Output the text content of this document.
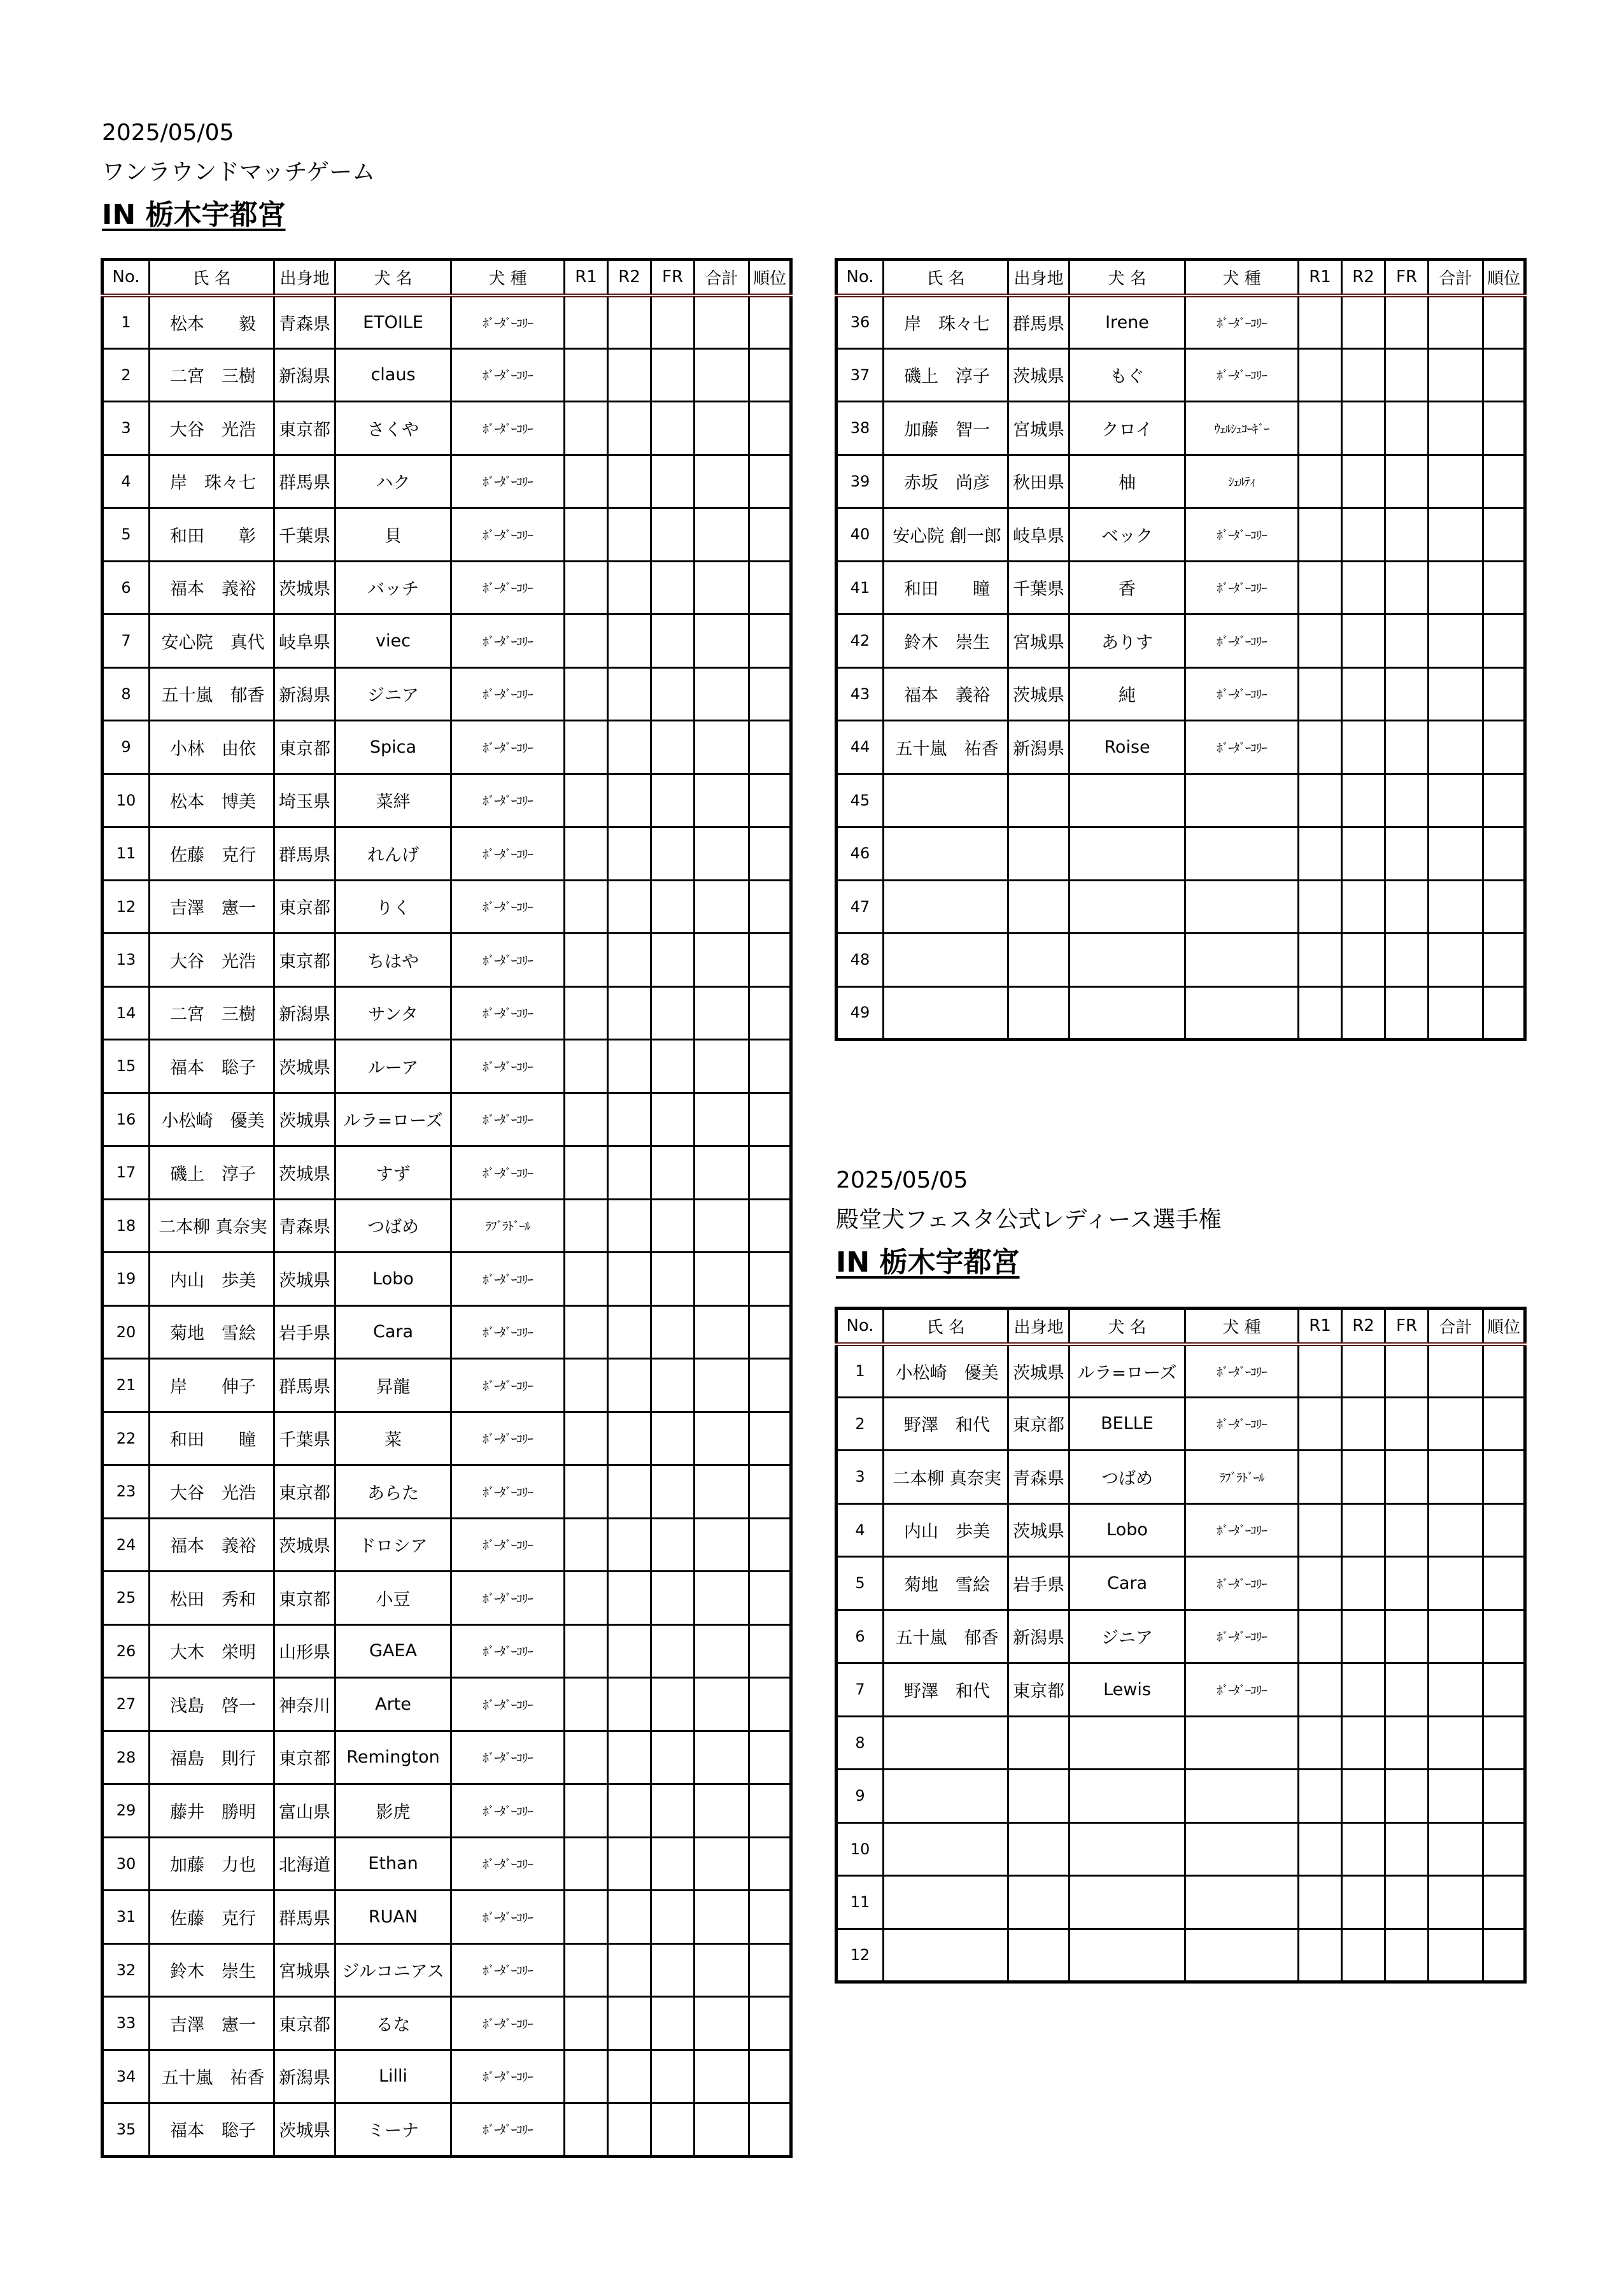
2025/05/05
ワンラウンドマッチゲーム
IN 栃木宇都宮
2025/05/05
殿堂犬フェスタ公式レディース選手権
IN 栃木宇都宮
No.	氏 名	出身地	犬 名	犬 種	R1	R2	FR	合計	順位
1	松本　　毅	青森県	ETOILE	ﾎﾞｰﾀﾞｰｺﾘｰ					
2	二宮　三樹	新潟県	claus	ﾎﾞｰﾀﾞｰｺﾘｰ					
3	大谷　光浩	東京都	さくや	ﾎﾞｰﾀﾞｰｺﾘｰ					
4	岸　珠々七	群馬県	ハク	ﾎﾞｰﾀﾞｰｺﾘｰ					
5	和田　　彰	千葉県	貝	ﾎﾞｰﾀﾞｰｺﾘｰ					
6	福本　義裕	茨城県	バッチ	ﾎﾞｰﾀﾞｰｺﾘｰ					
7	安心院　真代	岐阜県	viec	ﾎﾞｰﾀﾞｰｺﾘｰ					
8	五十嵐　郁香	新潟県	ジニア	ﾎﾞｰﾀﾞｰｺﾘｰ					
9	小林　由依	東京都	Spica	ﾎﾞｰﾀﾞｰｺﾘｰ					
10	松本　博美	埼玉県	菜絆	ﾎﾞｰﾀﾞｰｺﾘｰ					
11	佐藤　克行	群馬県	れんげ	ﾎﾞｰﾀﾞｰｺﾘｰ					
12	吉澤　憲一	東京都	りく	ﾎﾞｰﾀﾞｰｺﾘｰ					
13	大谷　光浩	東京都	ちはや	ﾎﾞｰﾀﾞｰｺﾘｰ					
14	二宮　三樹	新潟県	サンタ	ﾎﾞｰﾀﾞｰｺﾘｰ					
15	福本　聡子	茨城県	ルーア	ﾎﾞｰﾀﾞｰｺﾘｰ					
16	小松崎　優美	茨城県	ルラ=ローズ	ﾎﾞｰﾀﾞｰｺﾘｰ					
17	磯上　淳子	茨城県	すず	ﾎﾞｰﾀﾞｰｺﾘｰ					
18	二本柳 真奈実	青森県	つばめ	ﾗﾌﾞﾗﾄﾞｰﾙ					
19	内山　歩美	茨城県	Lobo	ﾎﾞｰﾀﾞｰｺﾘｰ					
20	菊地　雪絵	岩手県	Cara	ﾎﾞｰﾀﾞｰｺﾘｰ					
21	岸　　伸子	群馬県	昇龍	ﾎﾞｰﾀﾞｰｺﾘｰ					
22	和田　　瞳	千葉県	菜	ﾎﾞｰﾀﾞｰｺﾘｰ					
23	大谷　光浩	東京都	あらた	ﾎﾞｰﾀﾞｰｺﾘｰ					
24	福本　義裕	茨城県	ドロシア	ﾎﾞｰﾀﾞｰｺﾘｰ					
25	松田　秀和	東京都	小豆	ﾎﾞｰﾀﾞｰｺﾘｰ					
26	大木　栄明	山形県	GAEA	ﾎﾞｰﾀﾞｰｺﾘｰ					
27	浅島　啓一	神奈川	Arte	ﾎﾞｰﾀﾞｰｺﾘｰ					
28	福島　則行	東京都	Remington	ﾎﾞｰﾀﾞｰｺﾘｰ					
29	藤井　勝明	富山県	影虎	ﾎﾞｰﾀﾞｰｺﾘｰ					
30	加藤　力也	北海道	Ethan	ﾎﾞｰﾀﾞｰｺﾘｰ					
31	佐藤　克行	群馬県	RUAN	ﾎﾞｰﾀﾞｰｺﾘｰ					
32	鈴木　崇生	宮城県	ジルコニアス	ﾎﾞｰﾀﾞｰｺﾘｰ					
33	吉澤　憲一	東京都	るな	ﾎﾞｰﾀﾞｰｺﾘｰ					
34	五十嵐　祐香	新潟県	Lilli	ﾎﾞｰﾀﾞｰｺﾘｰ					
35	福本　聡子	茨城県	ミーナ	ﾎﾞｰﾀﾞｰｺﾘｰ					
No.	氏 名	出身地	犬 名	犬 種	R1	R2	FR	合計	順位
36	岸　珠々七	群馬県	Irene	ﾎﾞｰﾀﾞｰｺﾘｰ					
37	磯上　淳子	茨城県	もぐ	ﾎﾞｰﾀﾞｰｺﾘｰ					
38	加藤　智一	宮城県	クロイ	ｳｪﾙｼｭｺｰｷﾞｰ					
39	赤坂　尚彦	秋田県	柚	ｼｪﾙﾃｨ					
40	安心院 創一郎	岐阜県	ベック	ﾎﾞｰﾀﾞｰｺﾘｰ					
41	和田　　瞳	千葉県	香	ﾎﾞｰﾀﾞｰｺﾘｰ					
42	鈴木　崇生	宮城県	ありす	ﾎﾞｰﾀﾞｰｺﾘｰ					
43	福本　義裕	茨城県	純	ﾎﾞｰﾀﾞｰｺﾘｰ					
44	五十嵐　祐香	新潟県	Roise	ﾎﾞｰﾀﾞｰｺﾘｰ					
45									
46									
47									
48									
49									
No.	氏 名	出身地	犬 名	犬 種	R1	R2	FR	合計	順位
1	小松崎　優美	茨城県	ルラ=ローズ	ﾎﾞｰﾀﾞｰｺﾘｰ					
2	野澤　和代	東京都	BELLE	ﾎﾞｰﾀﾞｰｺﾘｰ					
3	二本柳 真奈実	青森県	つばめ	ﾗﾌﾞﾗﾄﾞｰﾙ					
4	内山　歩美	茨城県	Lobo	ﾎﾞｰﾀﾞｰｺﾘｰ					
5	菊地　雪絵	岩手県	Cara	ﾎﾞｰﾀﾞｰｺﾘｰ					
6	五十嵐　郁香	新潟県	ジニア	ﾎﾞｰﾀﾞｰｺﾘｰ					
7	野澤　和代	東京都	Lewis	ﾎﾞｰﾀﾞｰｺﾘｰ					
8									
9									
10									
11									
12									
